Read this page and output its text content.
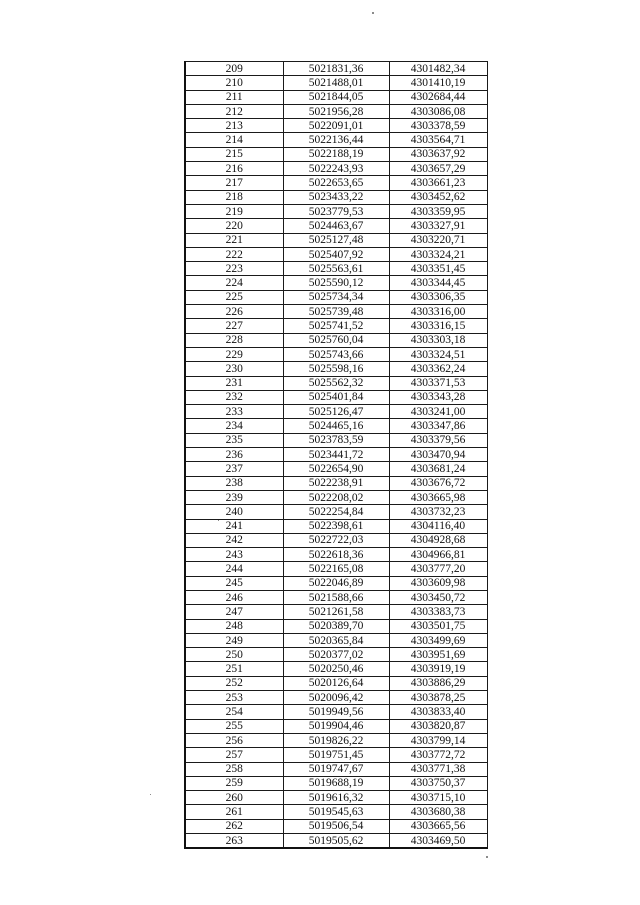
209	5021831,36	4301482,34
210	5021488,01	4301410,19
211	5021844,05	4302684,44
212	5021956,28	4303086,08
213	5022091,01	4303378,59
214	5022136,44	4303564,71
215	5022188,19	4303637,92
216	5022243,93	4303657,29
217	5022653,65	4303661,23
218	5023433,22	4303452,62
219	5023779,53	4303359,95
220	5024463,67	4303327,91
221	5025127,48	4303220,71
222	5025407,92	4303324,21
223	5025563,61	4303351,45
224	5025590,12	4303344,45
225	5025734,34	4303306,35
226	5025739,48	4303316,00
227	5025741,52	4303316,15
228	5025760,04	4303303,18
229	5025743,66	4303324,51
230	5025598,16	4303362,24
231	5025562,32	4303371,53
232	5025401,84	4303343,28
233	5025126,47	4303241,00
234	5024465,16	4303347,86
235	5023783,59	4303379,56
236	5023441,72	4303470,94
237	5022654,90	4303681,24
238	5022238,91	4303676,72
239	5022208,02	4303665,98
240	5022254,84	4303732,23
241	5022398,61	4304116,40
242	5022722,03	4304928,68
243	5022618,36	4304966,81
244	5022165,08	4303777,20
245	5022046,89	4303609,98
246	5021588,66	4303450,72
247	5021261,58	4303383,73
248	5020389,70	4303501,75
249	5020365,84	4303499,69
250	5020377,02	4303951,69
251	5020250,46	4303919,19
252	5020126,64	4303886,29
253	5020096,42	4303878,25
254	5019949,56	4303833,40
255	5019904,46	4303820,87
256	5019826,22	4303799,14
257	5019751,45	4303772,72
258	5019747,67	4303771,38
259	5019688,19	4303750,37
260	5019616,32	4303715,10
261	5019545,63	4303680,38
262	5019506,54	4303665,56
263	5019505,62	4303469,50
